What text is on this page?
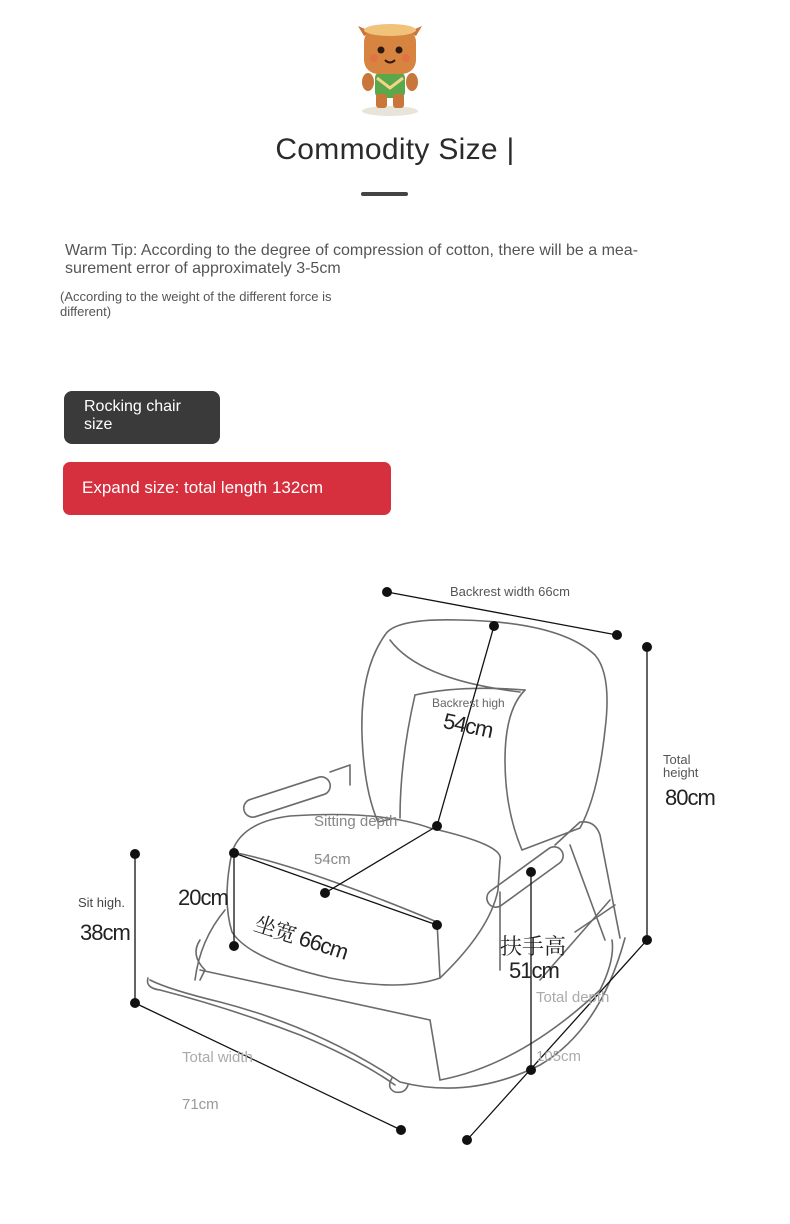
Commodity Size |
Warm Tip: According to the degree of compression of cotton, there will be a mea-surement error of approximately 3-5cm
(According to the weight of the different force is different)
Rocking chair size
Expand size: total length 132cm
Backrest width 66cm
Backrest high
54cm
Total height
80cm
Sitting depth
54cm
20cm
坐宽 66cm
Sit high.
38cm
扶手高
51cm
Total depth
105cm
Total width
71cm
